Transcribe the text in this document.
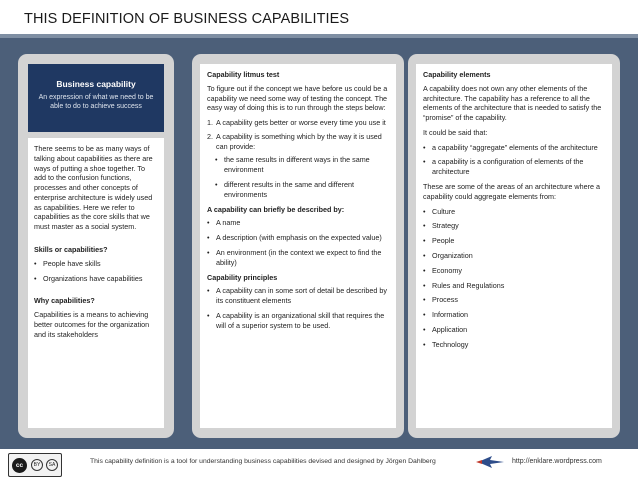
THIS DEFINITION OF BUSINESS CAPABILITIES
Business capability
An expression of what we need to be able to do to achieve success
There seems to be as many ways of talking about capabilities as there are ways of putting a shoe together. To add to the confusion functions, processes and other concepts of enterprise architecture is widely used as capabilities. Here we refer to capabilities as the core skills that we must master as a social system.
Skills or capabilities?
• People have skills
• Organizations have capabilities
Why capabilities?
Capabilities is a means to achieving better outcomes for the organization and its stakeholders
Capability litmus test
To figure out if the concept we have before us could be a capability we need some way of testing the concept. The easy way of doing this is to run through the steps below:
1. A capability gets better or worse every time you use it
2. A capability is something which by the way it is used can provide:
• the same results in different ways in the same environment
• different results in the same and different environments
A capability can briefly be described by:
• A name
• A description (with emphasis on the expected value)
• An environment (in the context we expect to find the ability)
Capability principles
• A capability can in some sort of detail be described by its constituent elements
• A capability is an organizational skill that requires the will of a superior system to be used.
Capability elements
A capability does not own any other elements of the architecture. The capability has a reference to all the elements of the architecture that is needed to satisfy the “promise” of the capability.
It could be said that:
• a capability “aggregate” elements of the architecture
• a capability is a configuration of elements of the architecture
These are some of the areas of an architecture where a capability could aggregate elements from:
• Culture
• Strategy
• People
• Organization
• Economy
• Rules and Regulations
• Process
• Information
• Application
• Technology
cc	BY	SA	This capability definition is a tool for understanding business capabilities devised and designed by Jörgen Dahlberg	http://enklare.wordpress.com
